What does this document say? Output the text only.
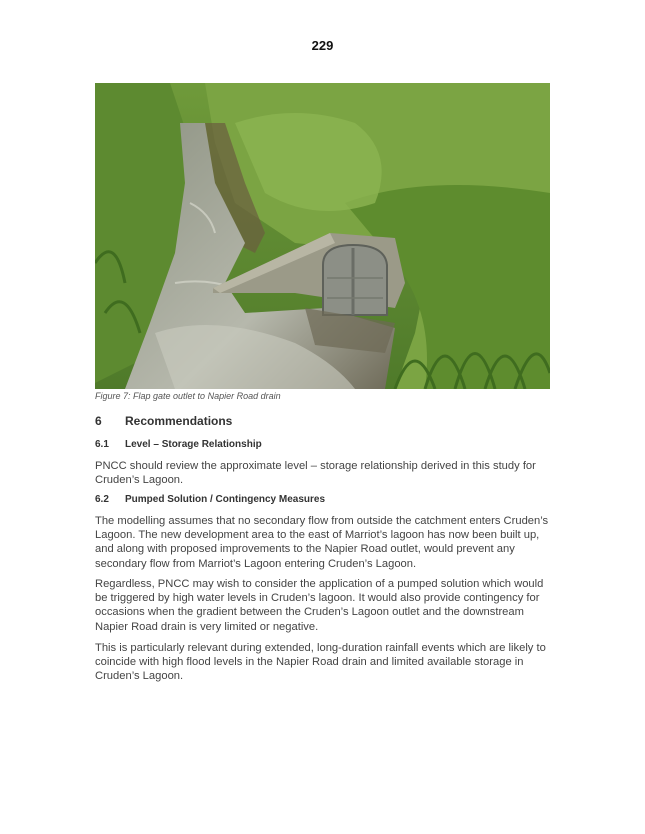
229
Figure 7: Flap gate outlet to Napier Road drain
6 Recommendations
6.1 Level – Storage Relationship
PNCC should review the approximate level – storage relationship derived in this study for Cruden’s Lagoon.
6.2 Pumped Solution / Contingency Measures
The modelling assumes that no secondary flow from outside the catchment enters Cruden’s Lagoon. The new development area to the east of Marriot’s lagoon has now been built up, and along with proposed improvements to the Napier Road outlet, would prevent any secondary flow from Marriot’s Lagoon entering Cruden’s Lagoon.
Regardless, PNCC may wish to consider the application of a pumped solution which would be triggered by high water levels in Cruden’s lagoon. It would also provide contingency for occasions when the gradient between the Cruden’s Lagoon outlet and the downstream Napier Road drain is very limited or negative.
This is particularly relevant during extended, long-duration rainfall events which are likely to coincide with high flood levels in the Napier Road drain and limited available storage in Cruden’s Lagoon.
